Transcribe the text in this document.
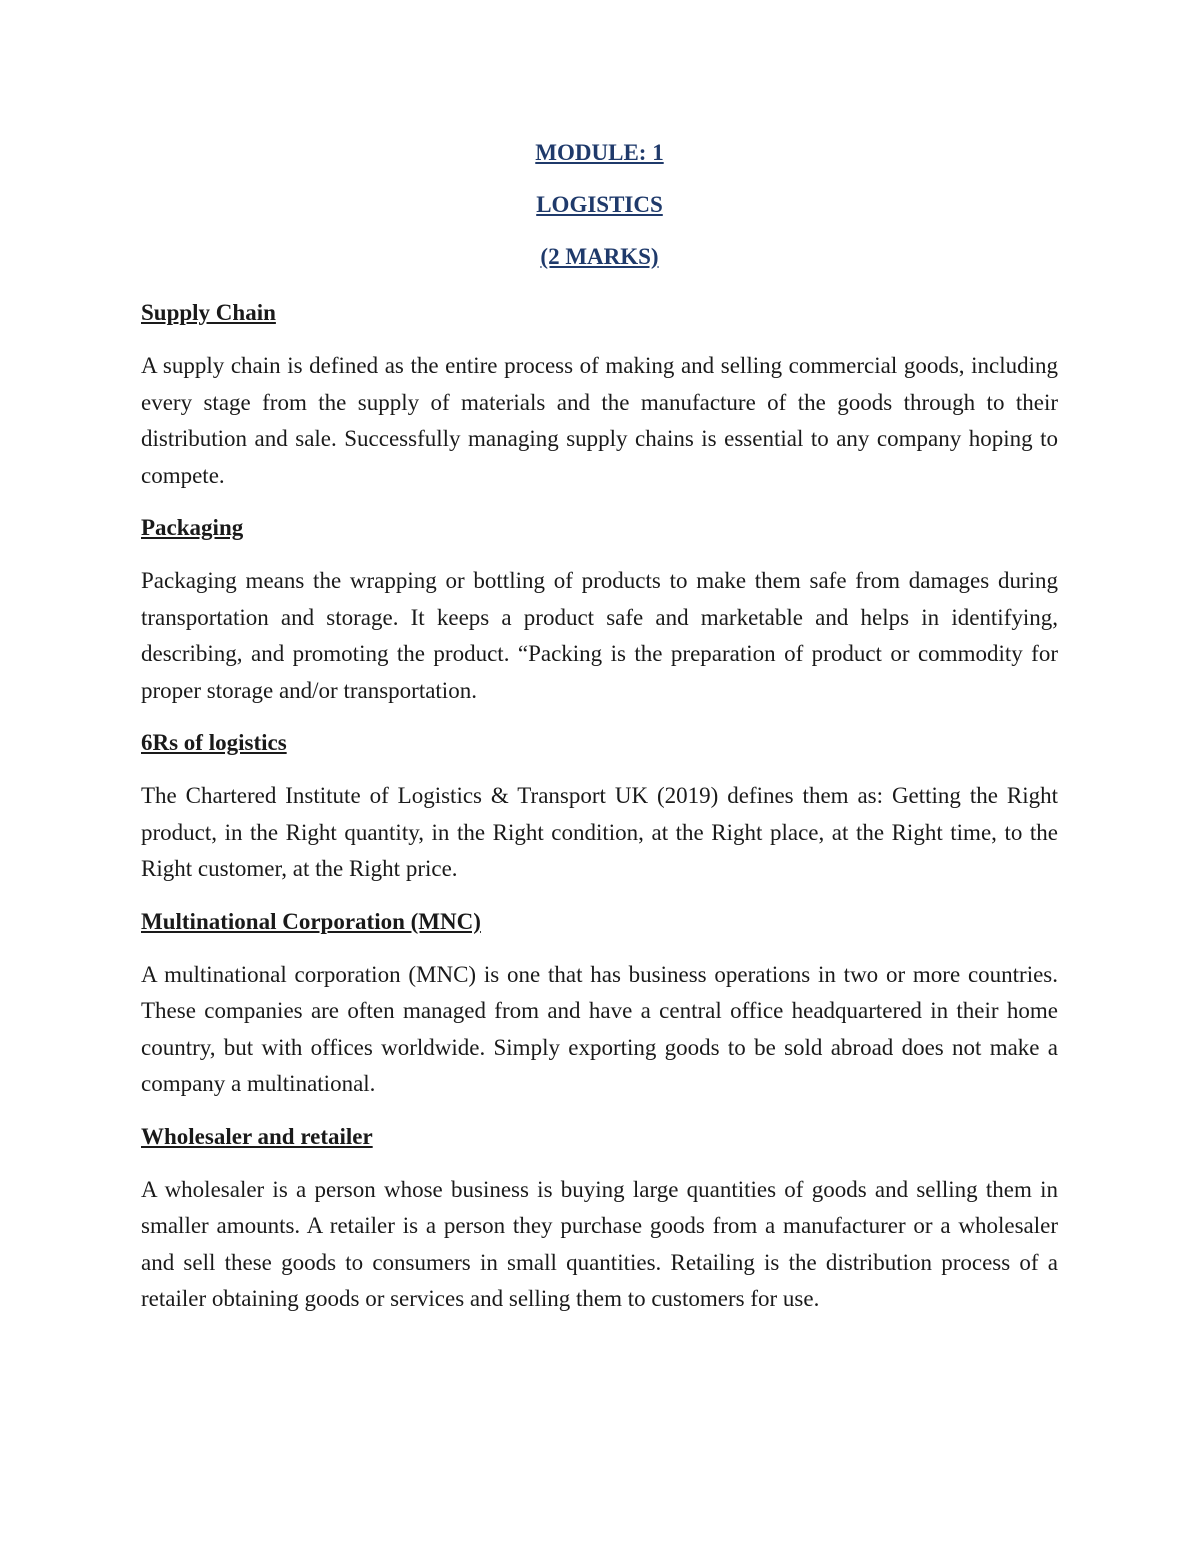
MODULE: 1

LOGISTICS

(2 MARKS)

Supply Chain

A supply chain is defined as the entire process of making and selling commercial goods, including every stage from the supply of materials and the manufacture of the goods through to their distribution and sale. Successfully managing supply chains is essential to any company hoping to compete.

Packaging

Packaging means the wrapping or bottling of products to make them safe from damages during transportation and storage. It keeps a product safe and marketable and helps in identifying, describing, and promoting the product. “Packing is the preparation of product or commodity for proper storage and/or transportation.

6Rs of logistics

The Chartered Institute of Logistics & Transport UK (2019) defines them as: Getting the Right product, in the Right quantity, in the Right condition, at the Right place, at the Right time, to the Right customer, at the Right price.

Multinational Corporation (MNC)

A multinational corporation (MNC) is one that has business operations in two or more countries. These companies are often managed from and have a central office headquartered in their home country, but with offices worldwide. Simply exporting goods to be sold abroad does not make a company a multinational.

Wholesaler and retailer

A wholesaler is a person whose business is buying large quantities of goods and selling them in smaller amounts. A retailer is a person they purchase goods from a manufacturer or a wholesaler and sell these goods to consumers in small quantities. Retailing is the distribution process of a retailer obtaining goods or services and selling them to customers for use.
